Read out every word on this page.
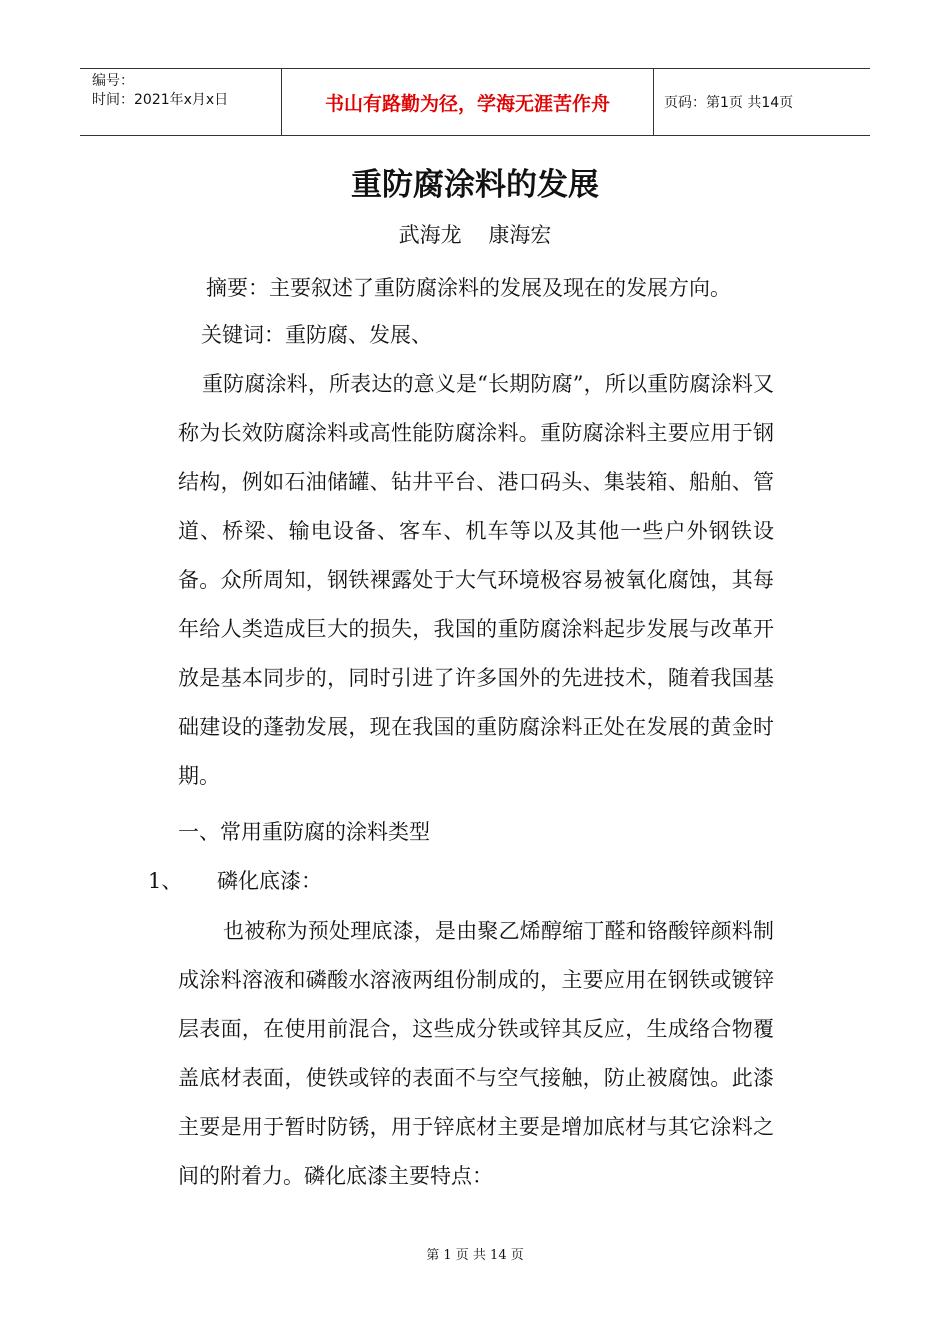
编号：
时间：2021年x月x日	书山有路勤为径，学海无涯苦作舟	页码：第1页 共14页
重防腐涂料的发展
武海龙    康海宏

摘要：主要叙述了重防腐涂料的发展及现在的发展方向。

关键词：重防腐、发展、

重防腐涂料，所表达的意义是“长期防腐”，所以重防腐涂料又称为长效防腐涂料或高性能防腐涂料。重防腐涂料主要应用于钢结构，例如石油储罐、钻井平台、港口码头、集装箱、船舶、管道、桥梁、输电设备、客车、机车等以及其他一些户外钢铁设备。众所周知，钢铁裸露处于大气环境极容易被氧化腐蚀，其每年给人类造成巨大的损失，我国的重防腐涂料起步发展与改革开放是基本同步的，同时引进了许多国外的先进技术，随着我国基础建设的蓬勃发展，现在我国的重防腐涂料正处在发展的黄金时期。

一、常用重防腐的涂料类型

1、 磷化底漆：

也被称为预处理底漆，是由聚乙烯醇缩丁醛和铬酸锌颜料制成涂料溶液和磷酸水溶液两组份制成的，主要应用在钢铁或镀锌层表面，在使用前混合，这些成分铁或锌其反应，生成络合物覆盖底材表面，使铁或锌的表面不与空气接触，防止被腐蚀。此漆主要是用于暂时防锈，用于锌底材主要是增加底材与其它涂料之间的附着力。磷化底漆主要特点：

第 1 页 共 14 页
